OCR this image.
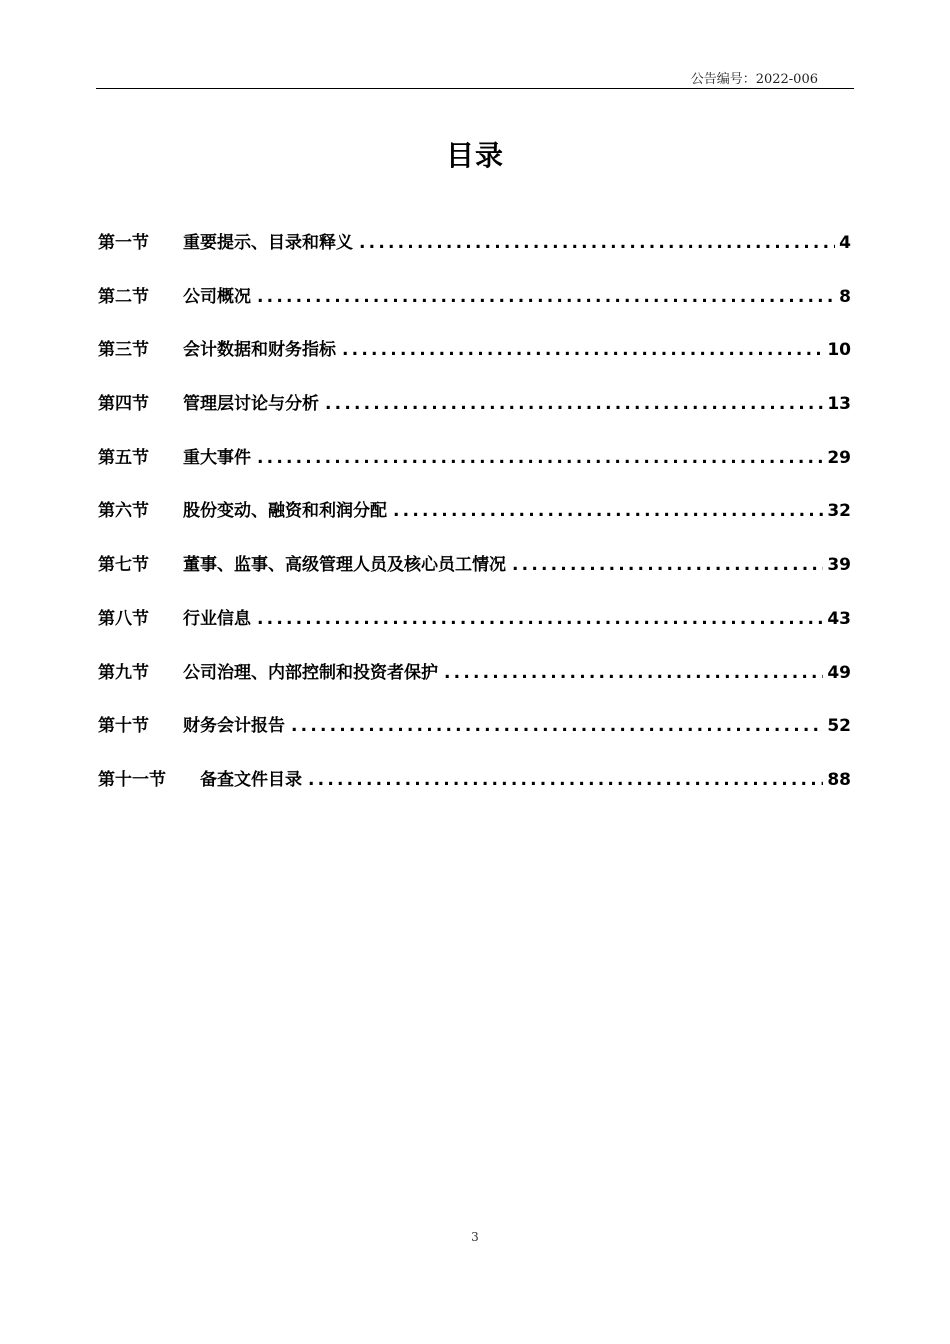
公告编号：2022-006
目录
第一节	重要提示、目录和释义 .....	4
第二节	公司概况 .....	8
第三节	会计数据和财务指标 .....	10
第四节	管理层讨论与分析 .....	13
第五节	重大事件 .....	29
第六节	股份变动、融资和利润分配 .....	32
第七节	董事、监事、高级管理人员及核心员工情况 .....	39
第八节	行业信息 .....	43
第九节	公司治理、内部控制和投资者保护 .....	49
第十节	财务会计报告 .....	52
第十一节	备查文件目录 .....	88
3
